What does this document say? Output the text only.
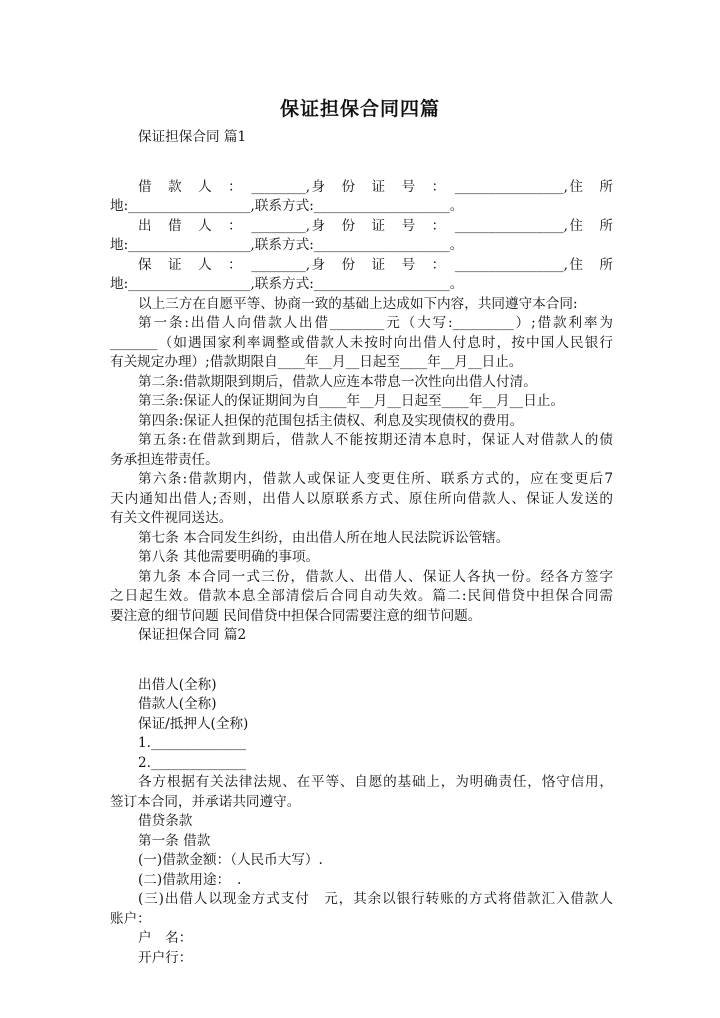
保证担保合同四篇

保证担保合同 篇1

借　款　人　：　________,身　份　证　号　：　________________,住　所

地:__________________,联系方式:____________________。

出　借　人　：　________,身　份　证　号　：　________________,住　所

地:__________________,联系方式:____________________。

保　证　人　：　________,身　份　证　号　：　________________,住　所

地:__________________,联系方式:____________________。

以上三方在自愿平等、协商一致的基础上达成如下内容，共同遵守本合同:

第一条:出借人向借款人出借________元（大写:_________）;借款利率为

_______（如遇国家利率调整或借款人未按时向出借人付息时，按中国人民银行

有关规定办理）;借款期限自____年__月__日起至____年__月__日止。

第二条:借款期限到期后，借款人应连本带息一次性向出借人付清。

第三条:保证人的保证期间为自____年__月__日起至____年__月__日止。

第四条:保证人担保的范围包括主债权、利息及实现债权的费用。

第五条:在借款到期后，借款人不能按期还清本息时，保证人对借款人的债

务承担连带责任。

第六条:借款期内，借款人或保证人变更住所、联系方式的，应在变更后7

天内通知出借人;否则，出借人以原联系方式、原住所向借款人、保证人发送的

有关文件视同送达。

第七条 本合同发生纠纷，由出借人所在地人民法院诉讼管辖。

第八条 其他需要明确的事项。

第九条 本合同一式三份，借款人、出借人、保证人各执一份。经各方签字

之日起生效。借款本息全部清偿后合同自动失效。篇二:民间借贷中担保合同需

要注意的细节问题 民间借贷中担保合同需要注意的细节问题。

保证担保合同 篇2

出借人(全称)

借款人(全称)

保证/抵押人(全称)

1.______________

2.______________

各方根据有关法律法规、在平等、自愿的基础上，为明确责任，恪守信用，

签订本合同，并承诺共同遵守。

借贷条款

第一条 借款

(一)借款金额：（人民币大写）.

(二)借款用途：　.

(三)出借人以现金方式支付　元，其余以银行转账的方式将借款汇入借款人

账户：

户　名：

开户行：
